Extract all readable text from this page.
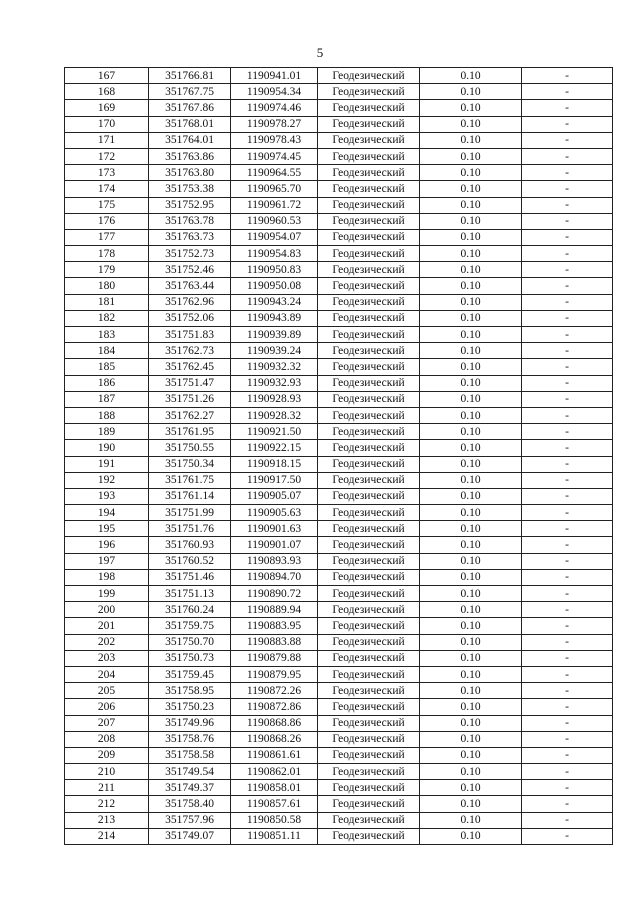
5
167	351766.81	1190941.01	Геодезический	0.10	-
168	351767.75	1190954.34	Геодезический	0.10	-
169	351767.86	1190974.46	Геодезический	0.10	-
170	351768.01	1190978.27	Геодезический	0.10	-
171	351764.01	1190978.43	Геодезический	0.10	-
172	351763.86	1190974.45	Геодезический	0.10	-
173	351763.80	1190964.55	Геодезический	0.10	-
174	351753.38	1190965.70	Геодезический	0.10	-
175	351752.95	1190961.72	Геодезический	0.10	-
176	351763.78	1190960.53	Геодезический	0.10	-
177	351763.73	1190954.07	Геодезический	0.10	-
178	351752.73	1190954.83	Геодезический	0.10	-
179	351752.46	1190950.83	Геодезический	0.10	-
180	351763.44	1190950.08	Геодезический	0.10	-
181	351762.96	1190943.24	Геодезический	0.10	-
182	351752.06	1190943.89	Геодезический	0.10	-
183	351751.83	1190939.89	Геодезический	0.10	-
184	351762.73	1190939.24	Геодезический	0.10	-
185	351762.45	1190932.32	Геодезический	0.10	-
186	351751.47	1190932.93	Геодезический	0.10	-
187	351751.26	1190928.93	Геодезический	0.10	-
188	351762.27	1190928.32	Геодезический	0.10	-
189	351761.95	1190921.50	Геодезический	0.10	-
190	351750.55	1190922.15	Геодезический	0.10	-
191	351750.34	1190918.15	Геодезический	0.10	-
192	351761.75	1190917.50	Геодезический	0.10	-
193	351761.14	1190905.07	Геодезический	0.10	-
194	351751.99	1190905.63	Геодезический	0.10	-
195	351751.76	1190901.63	Геодезический	0.10	-
196	351760.93	1190901.07	Геодезический	0.10	-
197	351760.52	1190893.93	Геодезический	0.10	-
198	351751.46	1190894.70	Геодезический	0.10	-
199	351751.13	1190890.72	Геодезический	0.10	-
200	351760.24	1190889.94	Геодезический	0.10	-
201	351759.75	1190883.95	Геодезический	0.10	-
202	351750.70	1190883.88	Геодезический	0.10	-
203	351750.73	1190879.88	Геодезический	0.10	-
204	351759.45	1190879.95	Геодезический	0.10	-
205	351758.95	1190872.26	Геодезический	0.10	-
206	351750.23	1190872.86	Геодезический	0.10	-
207	351749.96	1190868.86	Геодезический	0.10	-
208	351758.76	1190868.26	Геодезический	0.10	-
209	351758.58	1190861.61	Геодезический	0.10	-
210	351749.54	1190862.01	Геодезический	0.10	-
211	351749.37	1190858.01	Геодезический	0.10	-
212	351758.40	1190857.61	Геодезический	0.10	-
213	351757.96	1190850.58	Геодезический	0.10	-
214	351749.07	1190851.11	Геодезический	0.10	-
